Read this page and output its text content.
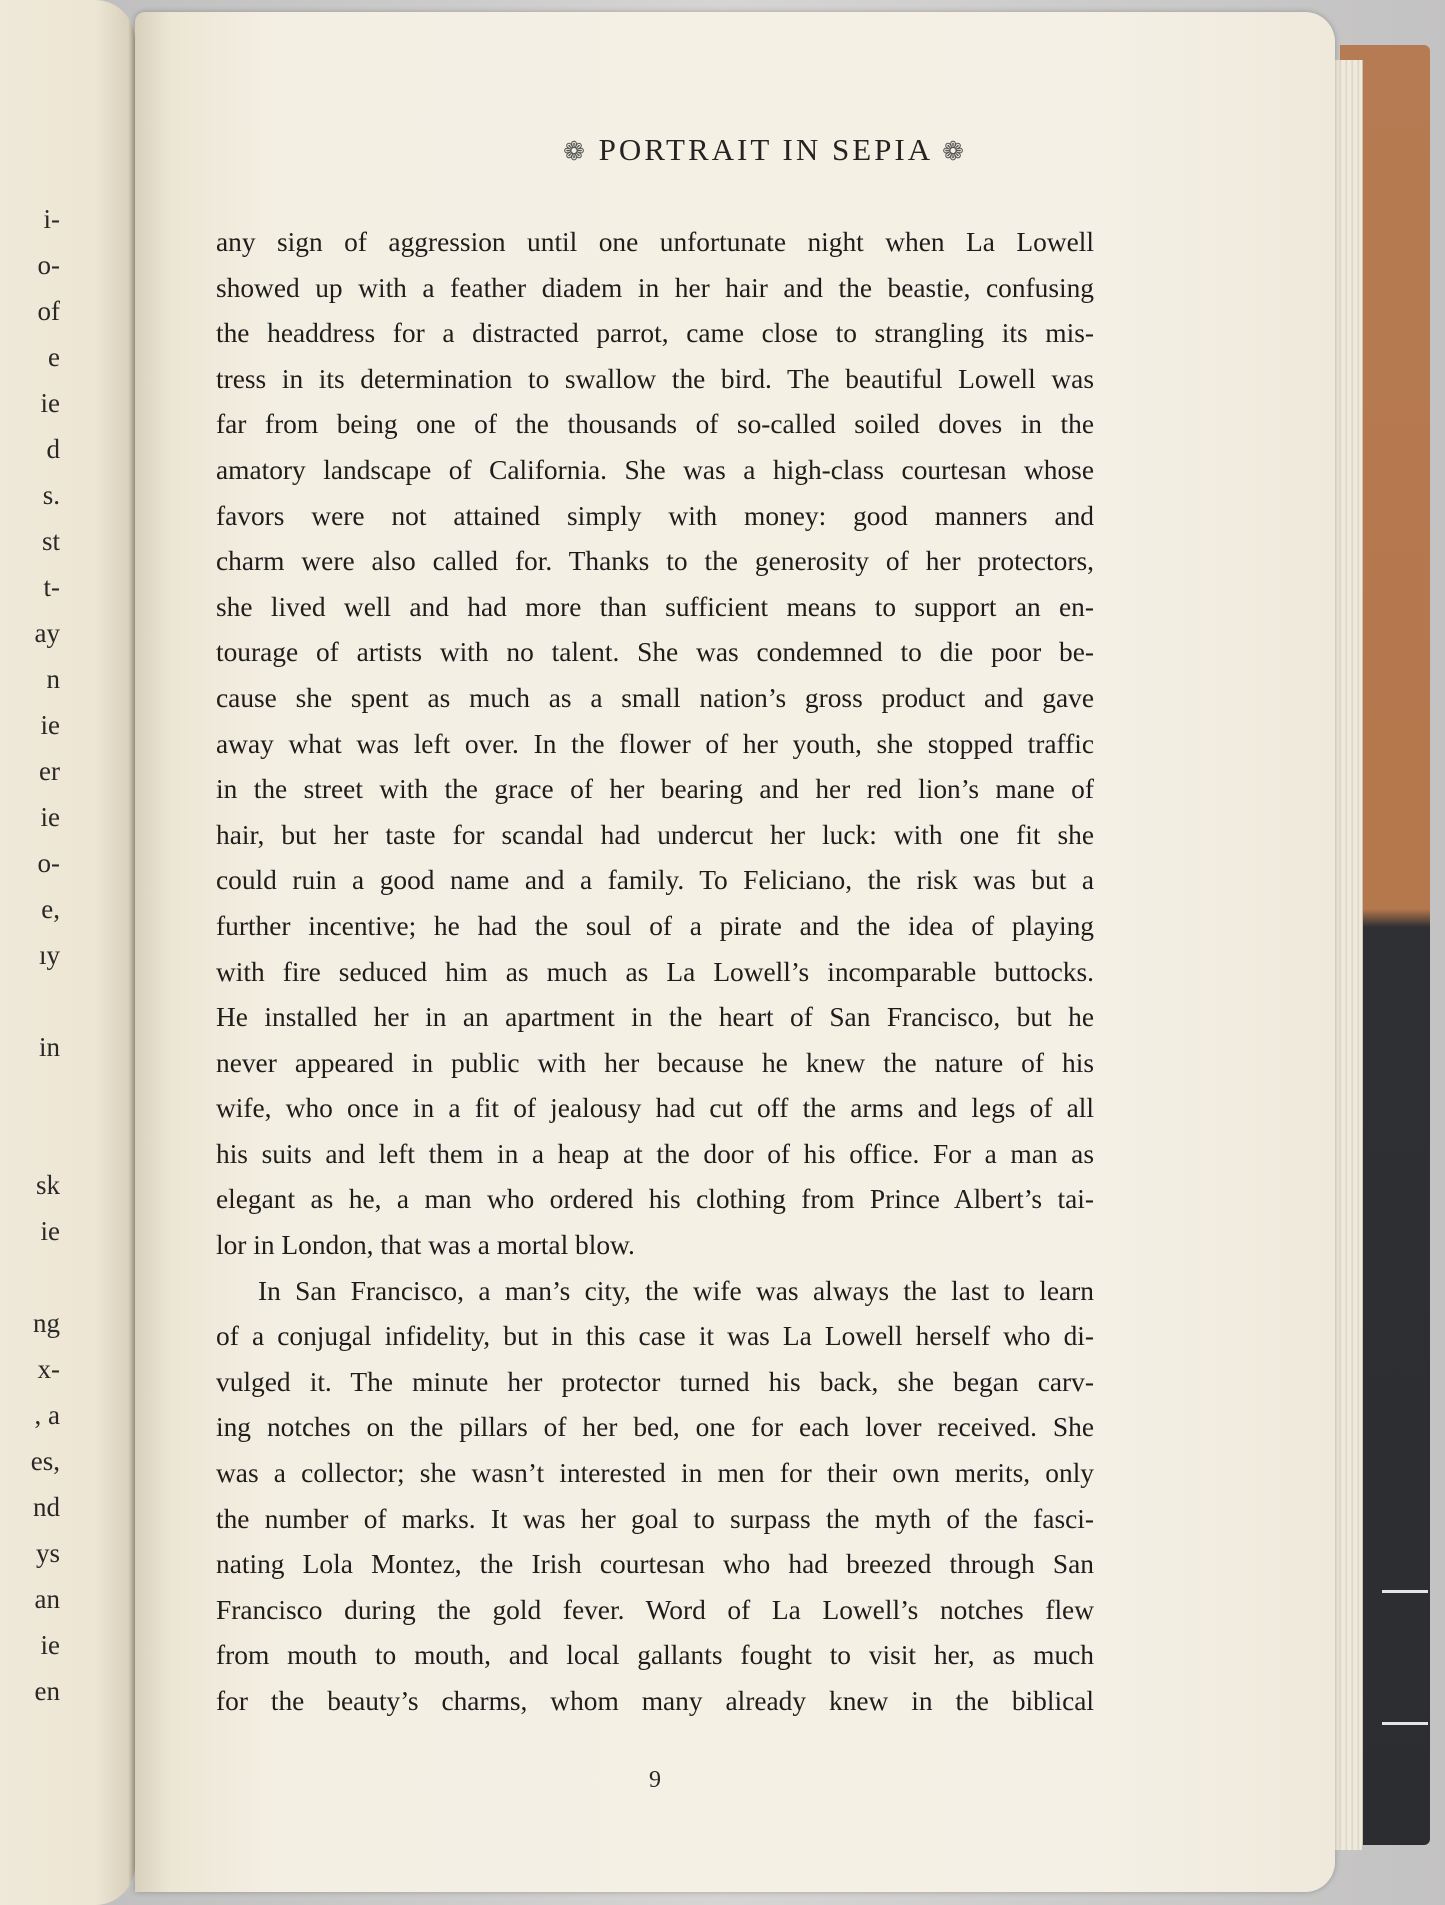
i-
o-
of
e
ie
d
s.
st
t-
ay
n
ie
er
ie
o-
e,
ıy
in
sk
ie
ng
x-
, a
es,
nd
ys
an
ie
en
❁ PORTRAIT IN SEPIA ❁
any sign of aggression until one unfortunate night when La Lowell
showed up with a feather diadem in her hair and the beastie, confusing
the headdress for a distracted parrot, came close to strangling its mis-
tress in its determination to swallow the bird. The beautiful Lowell was
far from being one of the thousands of so-called soiled doves in the
amatory landscape of California. She was a high-class courtesan whose
favors were not attained simply with money: good manners and
charm were also called for. Thanks to the generosity of her protectors,
she lived well and had more than sufficient means to support an en-
tourage of artists with no talent. She was condemned to die poor be-
cause she spent as much as a small nation’s gross product and gave
away what was left over. In the flower of her youth, she stopped traffic
in the street with the grace of her bearing and her red lion’s mane of
hair, but her taste for scandal had undercut her luck: with one fit she
could ruin a good name and a family. To Feliciano, the risk was but a
further incentive; he had the soul of a pirate and the idea of playing
with fire seduced him as much as La Lowell’s incomparable buttocks.
He installed her in an apartment in the heart of San Francisco, but he
never appeared in public with her because he knew the nature of his
wife, who once in a fit of jealousy had cut off the arms and legs of all
his suits and left them in a heap at the door of his office. For a man as
elegant as he, a man who ordered his clothing from Prince Albert’s tai-
lor in London, that was a mortal blow.
In San Francisco, a man’s city, the wife was always the last to learn
of a conjugal infidelity, but in this case it was La Lowell herself who di-
vulged it. The minute her protector turned his back, she began carv-
ing notches on the pillars of her bed, one for each lover received. She
was a collector; she wasn’t interested in men for their own merits, only
the number of marks. It was her goal to surpass the myth of the fasci-
nating Lola Montez, the Irish courtesan who had breezed through San
Francisco during the gold fever. Word of La Lowell’s notches flew
from mouth to mouth, and local gallants fought to visit her, as much
for the beauty’s charms, whom many already knew in the biblical
9
